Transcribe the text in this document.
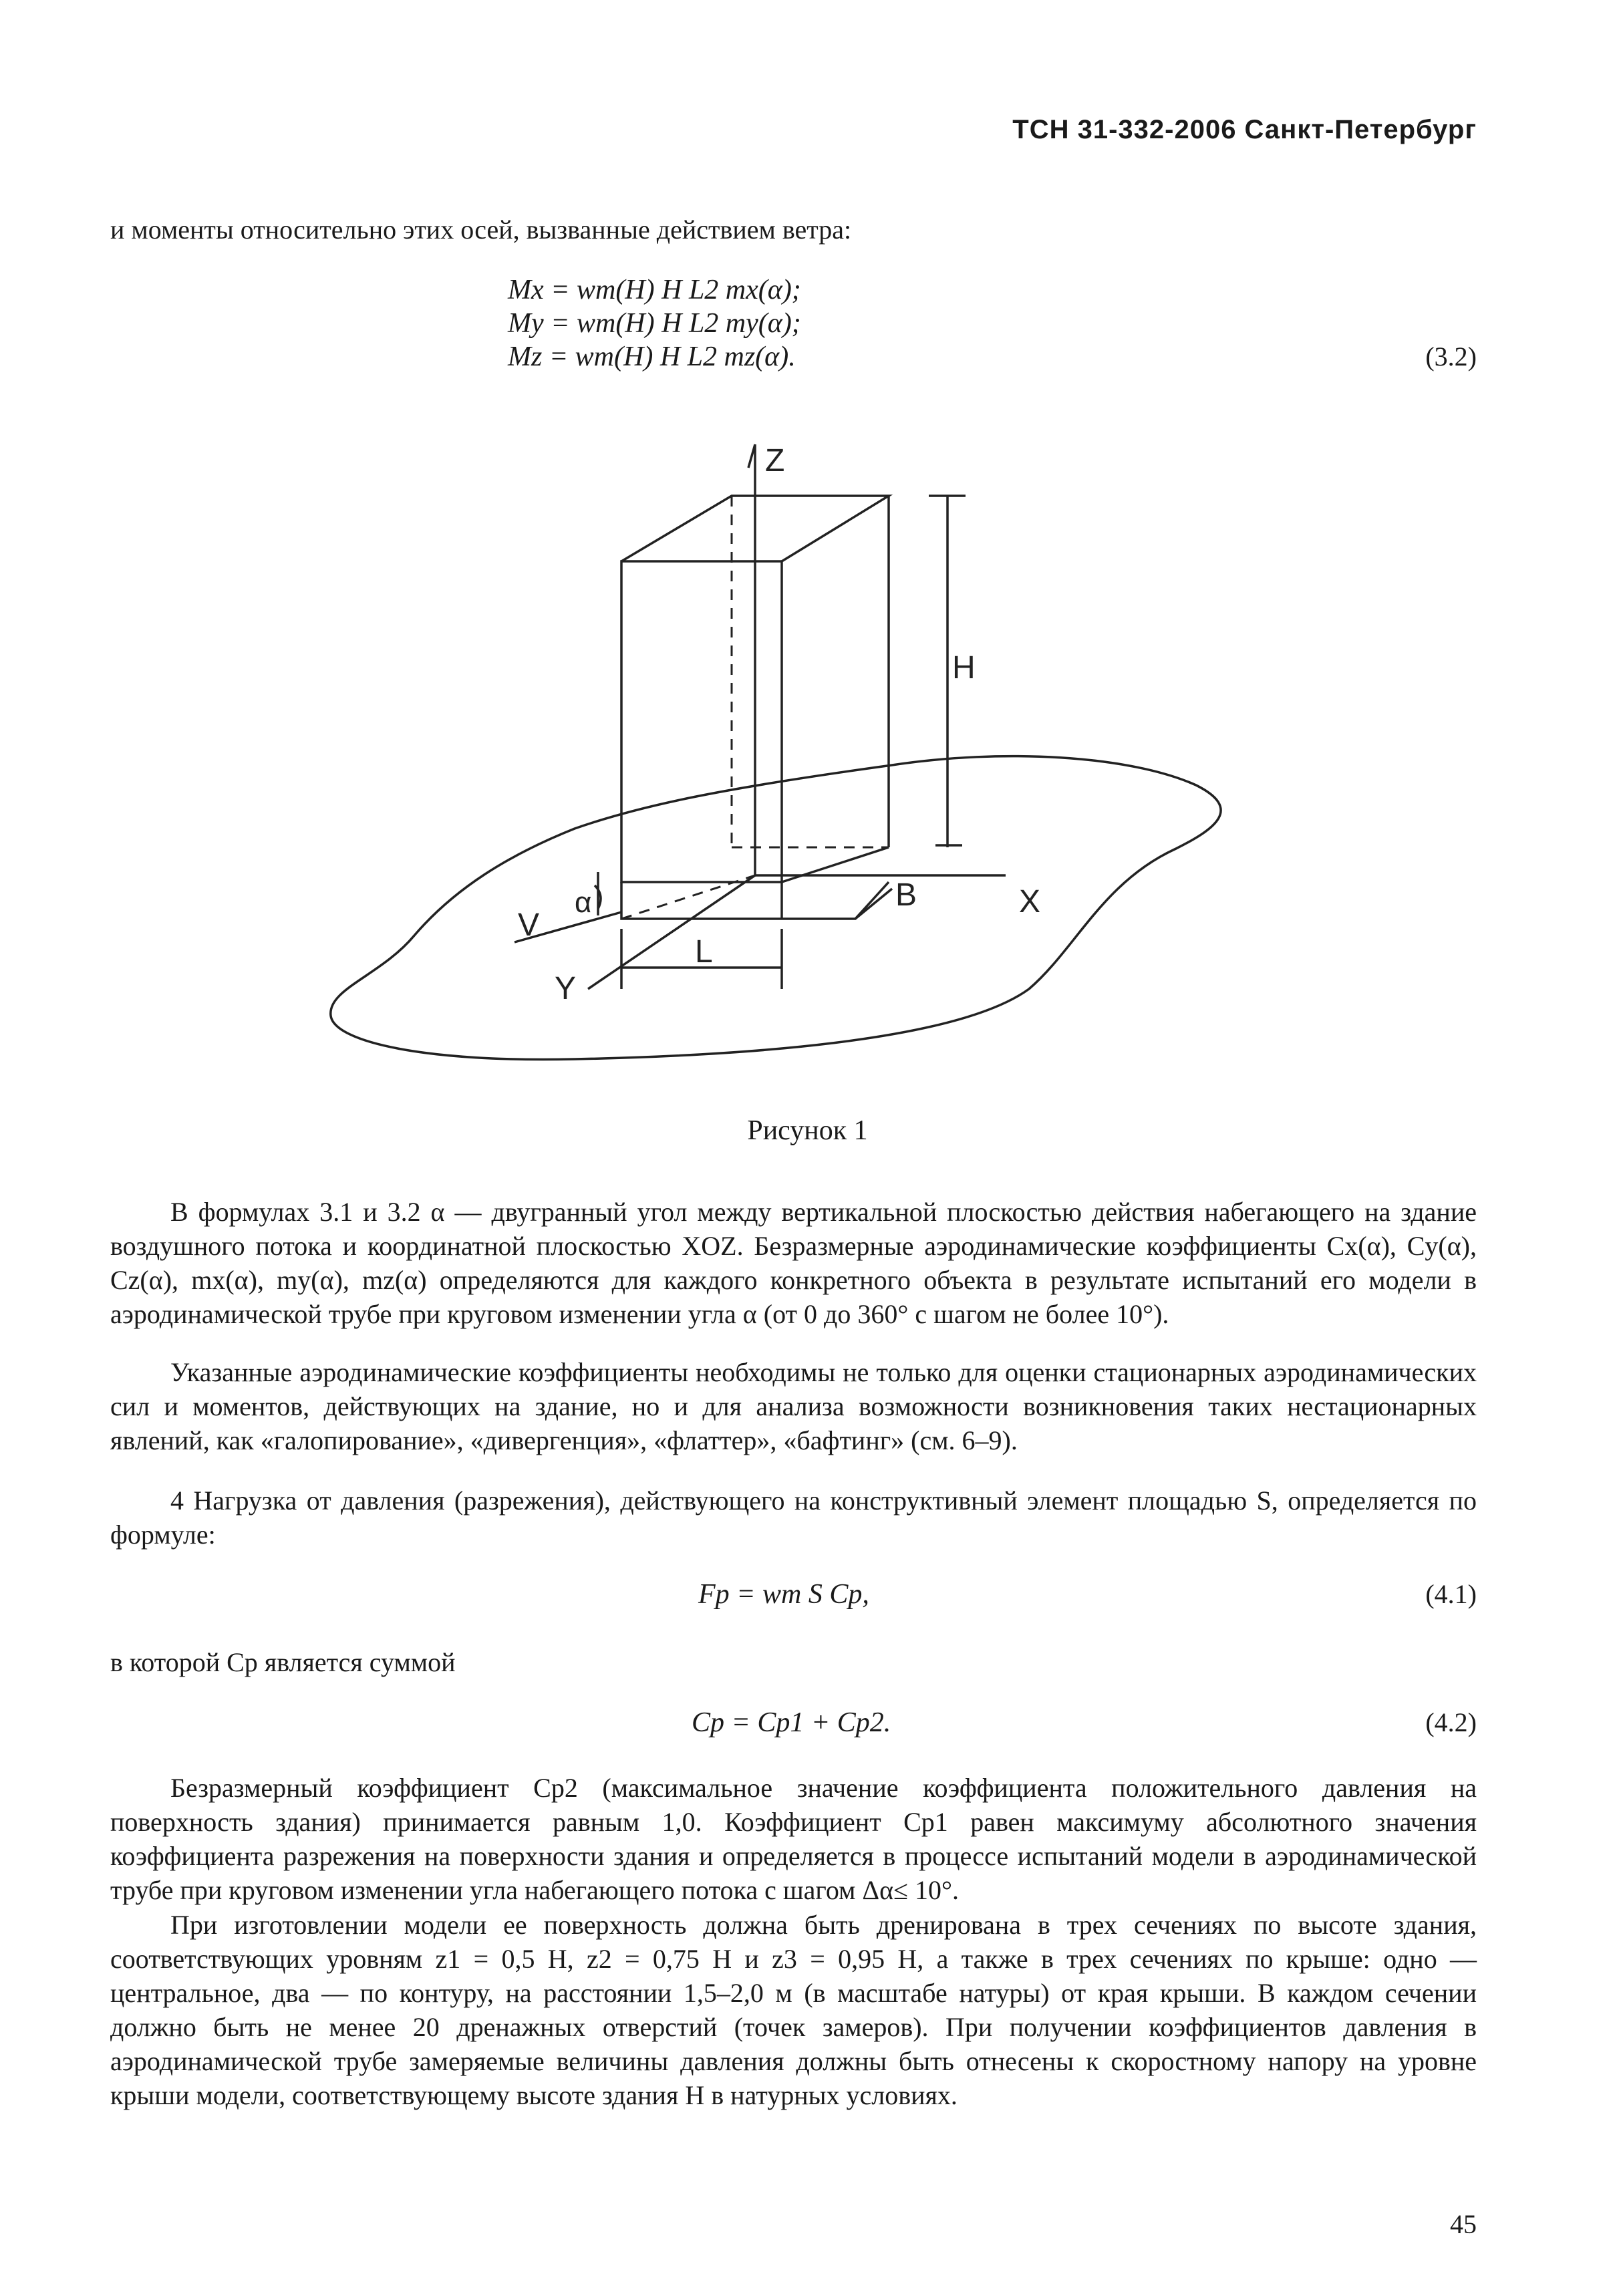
ТСН 31-332-2006 Санкт-Петербург
и моменты относительно этих осей, вызванные действием ветра:
Mx = wm(H) H L2 mx(α);
My = wm(H) H L2 my(α);
Mz = wm(H) H L2 mz(α).	(3.2)
Z
H
X
Y
V
α	B
L
Рисунок 1
В формулах 3.1 и 3.2 α — двугранный угол между вертикальной плоскостью действия набегающего на здание воздушного потока и координатной плоскостью XOZ. Безразмерные аэродинамические коэффициенты Cx(α), Cy(α), Cz(α), mx(α), my(α), mz(α) определяются для каждого конкретного объекта в результате испытаний его модели в аэродинамической трубе при круговом изменении угла α (от 0 до 360° с шагом не более 10°).
Указанные аэродинамические коэффициенты необходимы не только для оценки стационарных аэродинамических сил и моментов, действующих на здание, но и для анализа возможности возникновения таких нестационарных явлений, как «галопирование», «дивергенция», «флаттер», «бафтинг» (см. 6–9).
4 Нагрузка от давления (разрежения), действующего на конструктивный элемент площадью S, определяется по формуле:
Fp = wm S Cp,	(4.1)
в которой Cp является суммой
Cp = Cp1 + Cp2.	(4.2)
Безразмерный коэффициент Cp2 (максимальное значение коэффициента положительного давления на поверхность здания) принимается равным 1,0. Коэффициент Cp1 равен максимуму абсолютного значения коэффициента разрежения на поверхности здания и определяется в процессе испытаний модели в аэродинамической трубе при круговом изменении угла набегающего потока с шагом Δα≤ 10°.
При изготовлении модели ее поверхность должна быть дренирована в трех сечениях по высоте здания, соответствующих уровням z1 = 0,5 H, z2 = 0,75 H и z3 = 0,95 H, а также в трех сечениях по крыше: одно — центральное, два — по контуру, на расстоянии 1,5–2,0 м (в масштабе натуры) от края крыши. В каждом сечении должно быть не менее 20 дренажных отверстий (точек замеров). При получении коэффициентов давления в аэродинамической трубе замеряемые величины давления должны быть отнесены к скоростному напору на уровне крыши модели, соответствующему высоте здания H в натурных условиях.
45
